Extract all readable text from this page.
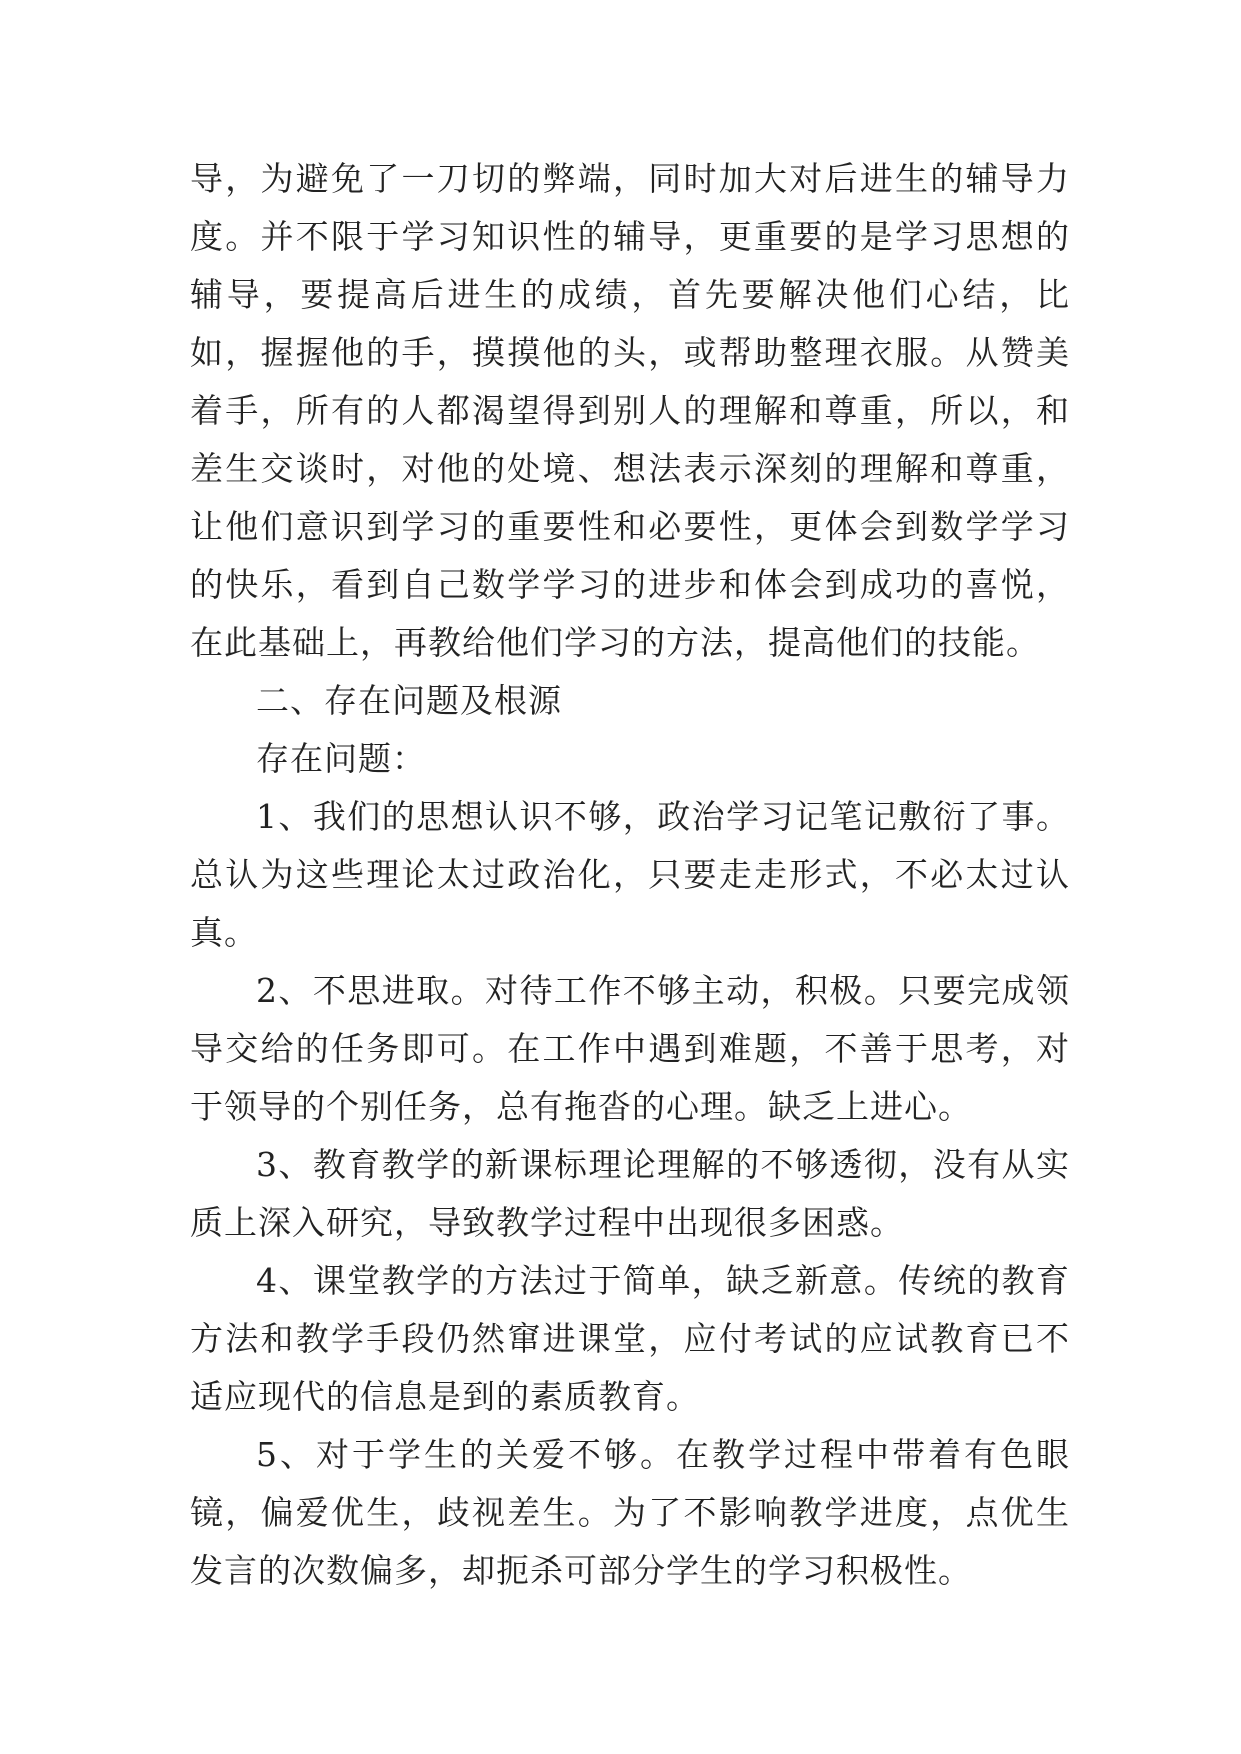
导，为避免了一刀切的弊端，同时加大对后进生的辅导力度。并不限于学习知识性的辅导，更重要的是学习思想的辅导，要提高后进生的成绩，首先要解决他们心结，比如，握握他的手，摸摸他的头，或帮助整理衣服。从赞美着手，所有的人都渴望得到别人的理解和尊重，所以，和差生交谈时，对他的处境、想法表示深刻的理解和尊重，让他们意识到学习的重要性和必要性，更体会到数学学习的快乐，看到自己数学学习的进步和体会到成功的喜悦，在此基础上，再教给他们学习的方法，提高他们的技能。

二、存在问题及根源

存在问题：

1、我们的思想认识不够，政治学习记笔记敷衍了事。总认为这些理论太过政治化，只要走走形式，不必太过认真。

2、不思进取。对待工作不够主动，积极。只要完成领导交给的任务即可。在工作中遇到难题，不善于思考，对于领导的个别任务，总有拖沓的心理。缺乏上进心。

3、教育教学的新课标理论理解的不够透彻，没有从实质上深入研究，导致教学过程中出现很多困惑。

4、课堂教学的方法过于简单，缺乏新意。传统的教育方法和教学手段仍然窜进课堂，应付考试的应试教育已不适应现代的信息是到的素质教育。

5、对于学生的关爱不够。在教学过程中带着有色眼镜，偏爱优生，歧视差生。为了不影响教学进度，点优生发言的次数偏多，却扼杀可部分学生的学习积极性。
